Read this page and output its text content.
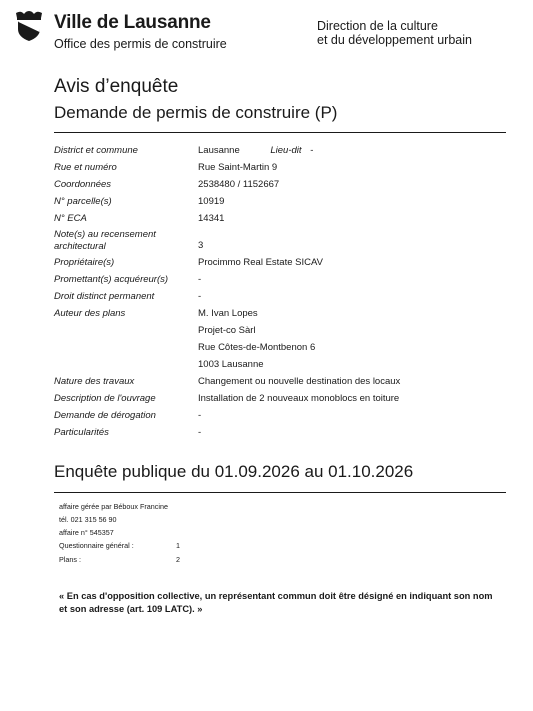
Ville de Lausanne
Office des permis de construire
Direction de la culture
et du développement urbain
Avis d’enquête
Demande de permis de construire (P)
District et commune	Lausanne	Lieu-dit -
Rue et numéro	Rue Saint-Martin 9
Coordonnées	2538480 / 1152667
N° parcelle(s)	10919
N° ECA	14341
Note(s) au recensement architectural	3
Propriétaire(s)	Procimmo Real Estate SICAV
Promettant(s) acquéreur(s)	-
Droit distinct permanent	-
Auteur des plans	M. Ivan Lopes
Projet-co Sàrl
Rue Côtes-de-Montbenon 6
1003 Lausanne
Nature des travaux	Changement ou nouvelle destination des locaux
Description de l'ouvrage	Installation de 2 nouveaux monoblocs en toiture
Demande de dérogation	-
Particularités	-
Enquête publique du 01.09.2026 au 01.10.2026
affaire gérée par Béboux Francine
tél. 021 315 56 90
affaire n° 545357
Questionnaire général :	1
Plans :	2
« En cas d'opposition collective, un représentant commun doit être désigné en indiquant son nom et son adresse (art. 109 LATC). »
